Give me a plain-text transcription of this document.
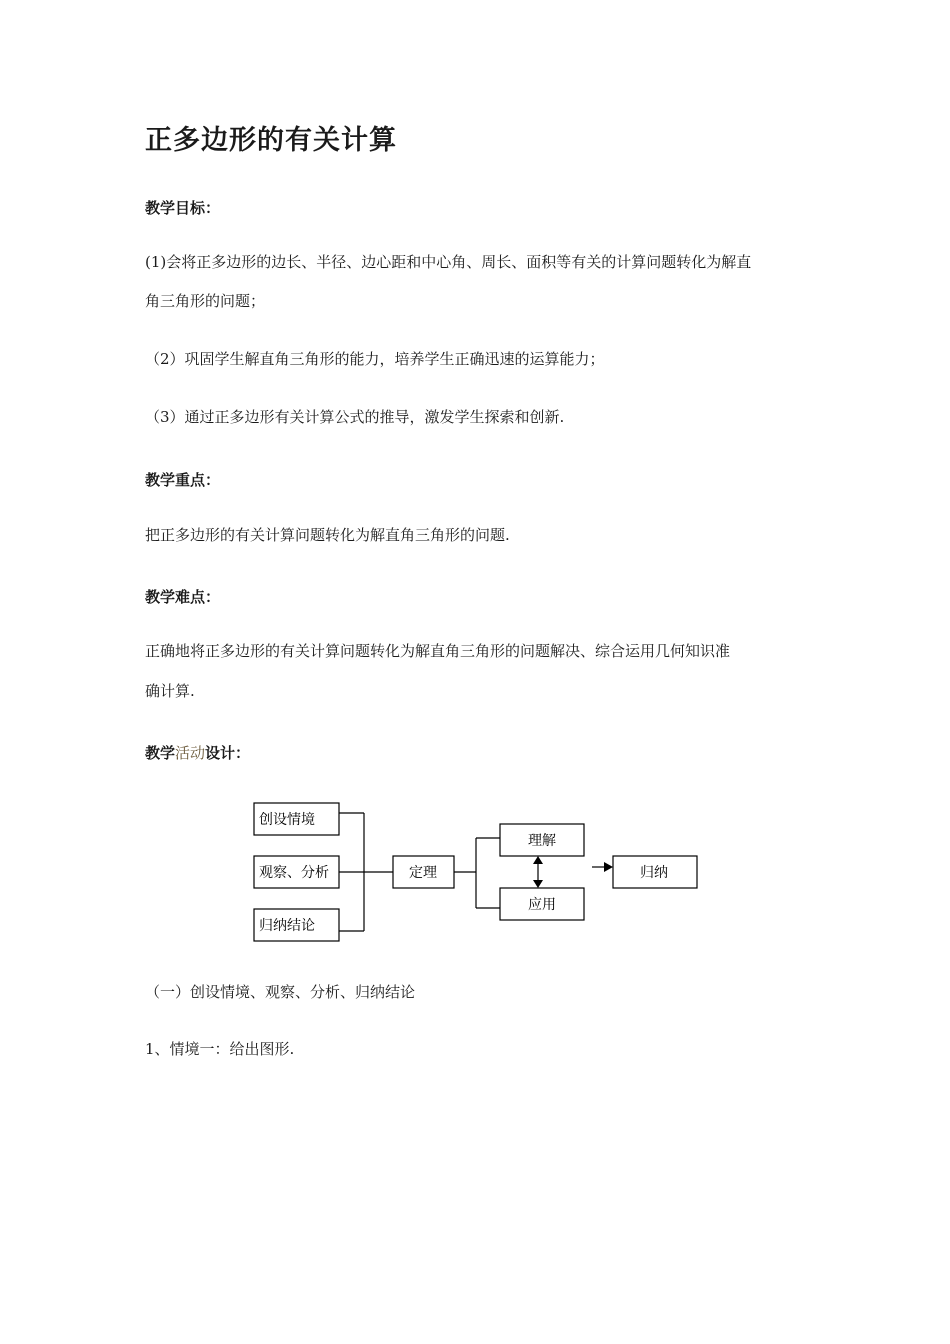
正多边形的有关计算

教学目标：

(1)会将正多边形的边长、半径、边心距和中心角、周长、面积等有关的计算问题转化为解直

角三角形的问题；

（2）巩固学生解直角三角形的能力，培养学生正确迅速的运算能力；

（3）通过正多边形有关计算公式的推导，激发学生探索和创新.

教学重点：

把正多边形的有关计算问题转化为解直角三角形的问题.

教学难点：

正确地将正多边形的有关计算问题转化为解直角三角形的问题解决、综合运用几何知识准

确计算.

教学活动设计：

创设情境
观察、分析
归纳结论
定理
理解
应用
归纳

（一）创设情境、观察、分析、归纳结论

1、情境一：给出图形.
